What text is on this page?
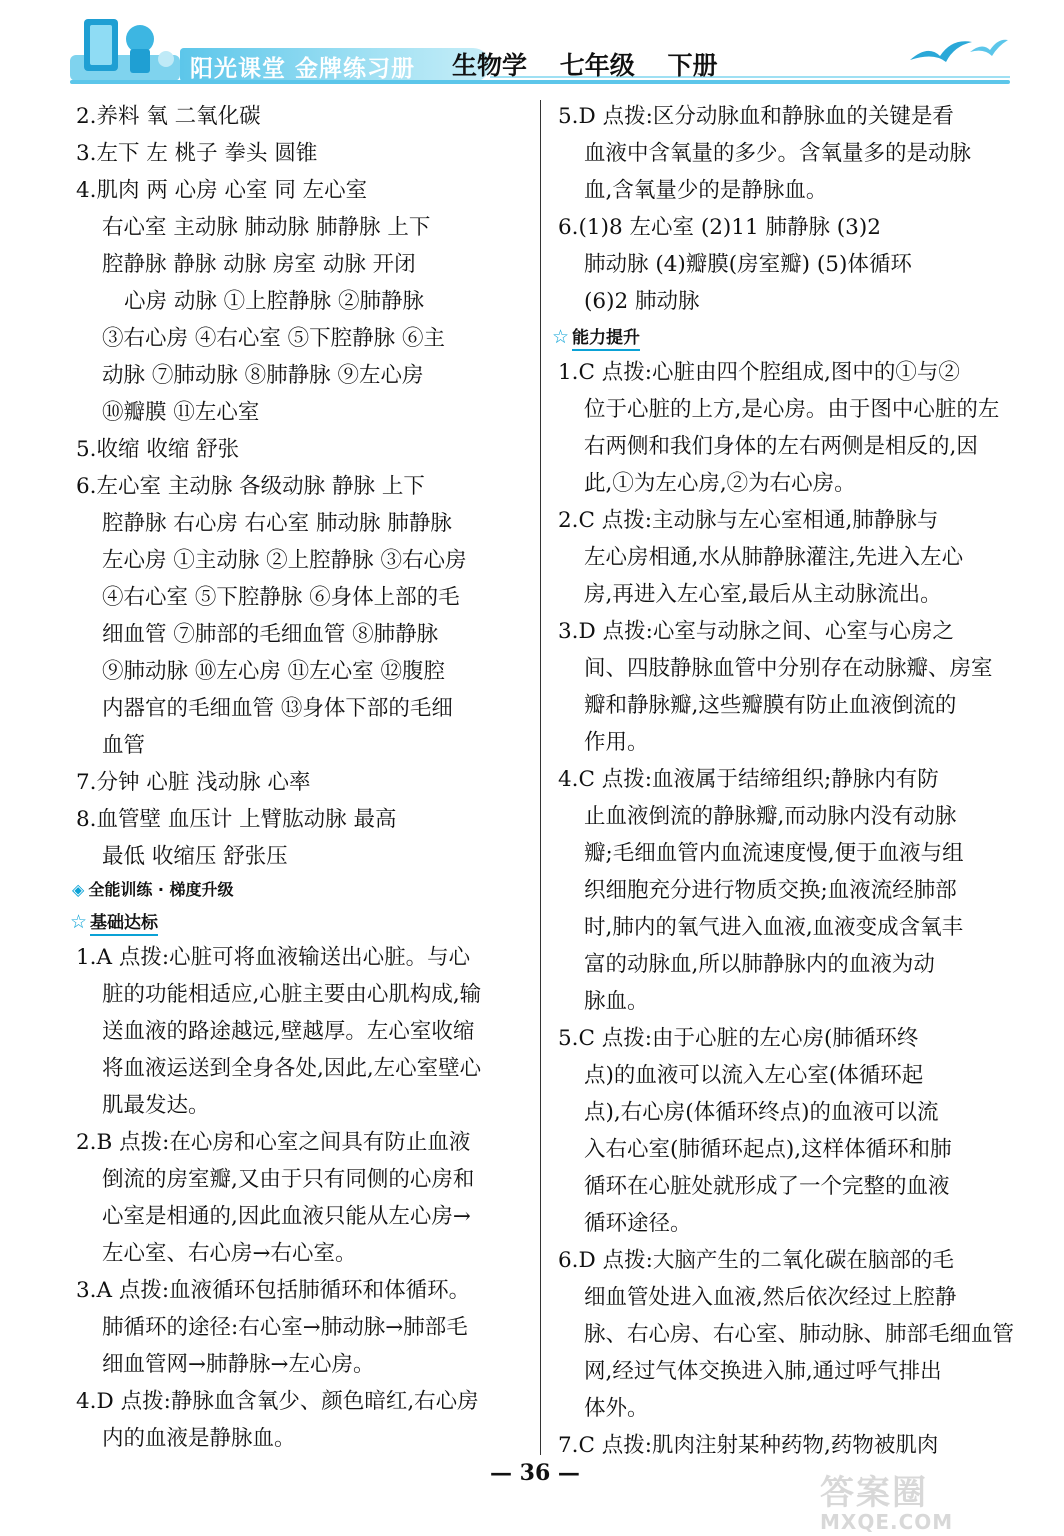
阳光课堂 金牌练习册 生物学 七年级 下册
2.养料 氧 二氧化碳
3.左下 左 桃子 拳头 圆锥
4.肌肉 两 心房 心室 同 左心室
右心室 主动脉 肺动脉 肺静脉 上下
腔静脉 静脉 动脉 房室 动脉 开闭
心房 动脉 ①上腔静脉 ②肺静脉
③右心房 ④右心室 ⑤下腔静脉 ⑥主
动脉 ⑦肺动脉 ⑧肺静脉 ⑨左心房
⑩瓣膜 ⑪左心室
5.收缩 收缩 舒张
6.左心室 主动脉 各级动脉 静脉 上下
腔静脉 右心房 右心室 肺动脉 肺静脉
左心房 ①主动脉 ②上腔静脉 ③右心房
④右心室 ⑤下腔静脉 ⑥身体上部的毛
细血管 ⑦肺部的毛细血管 ⑧肺静脉
⑨肺动脉 ⑩左心房 ⑪左心室 ⑫腹腔
内器官的毛细血管 ⑬身体下部的毛细
血管
7.分钟 心脏 浅动脉 心率
8.血管壁 血压计 上臂肱动脉 最高
最低 收缩压 舒张压
◈ 全能训练 · 梯度升级
☆ 基础达标
1.A 点拨:心脏可将血液输送出心脏。与心
脏的功能相适应,心脏主要由心肌构成,输
送血液的路途越远,壁越厚。左心室收缩
将血液运送到全身各处,因此,左心室壁心
肌最发达。
2.B 点拨:在心房和心室之间具有防止血液
倒流的房室瓣,又由于只有同侧的心房和
心室是相通的,因此血液只能从左心房→
左心室、右心房→右心室。
3.A 点拨:血液循环包括肺循环和体循环。
肺循环的途径:右心室→肺动脉→肺部毛
细血管网→肺静脉→左心房。
4.D 点拨:静脉血含氧少、颜色暗红,右心房
内的血液是静脉血。
5.D 点拨:区分动脉血和静脉血的关键是看
血液中含氧量的多少。含氧量多的是动脉
血,含氧量少的是静脉血。
6.(1)8 左心室 (2)11 肺静脉 (3)2
肺动脉 (4)瓣膜(房室瓣) (5)体循环
(6)2 肺动脉
☆ 能力提升
1.C 点拨:心脏由四个腔组成,图中的①与②
位于心脏的上方,是心房。由于图中心脏的左
右两侧和我们身体的左右两侧是相反的,因
此,①为左心房,②为右心房。
2.C 点拨:主动脉与左心室相通,肺静脉与
左心房相通,水从肺静脉灌注,先进入左心
房,再进入左心室,最后从主动脉流出。
3.D 点拨:心室与动脉之间、心室与心房之
间、四肢静脉血管中分别存在动脉瓣、房室
瓣和静脉瓣,这些瓣膜有防止血液倒流的
作用。
4.C 点拨:血液属于结缔组织;静脉内有防
止血液倒流的静脉瓣,而动脉内没有动脉
瓣;毛细血管内血流速度慢,便于血液与组
织细胞充分进行物质交换;血液流经肺部
时,肺内的氧气进入血液,血液变成含氧丰
富的动脉血,所以肺静脉内的血液为动
脉血。
5.C 点拨:由于心脏的左心房(肺循环终
点)的血液可以流入左心室(体循环起
点),右心房(体循环终点)的血液可以流
入右心室(肺循环起点),这样体循环和肺
循环在心脏处就形成了一个完整的血液
循环途径。
6.D 点拨:大脑产生的二氧化碳在脑部的毛
细血管处进入血液,然后依次经过上腔静
脉、右心房、右心室、肺动脉、肺部毛细血管
网,经过气体交换进入肺,通过呼气排出
体外。
7.C 点拨:肌肉注射某种药物,药物被肌肉
— 36 —	答案圈
MXQE.COM
